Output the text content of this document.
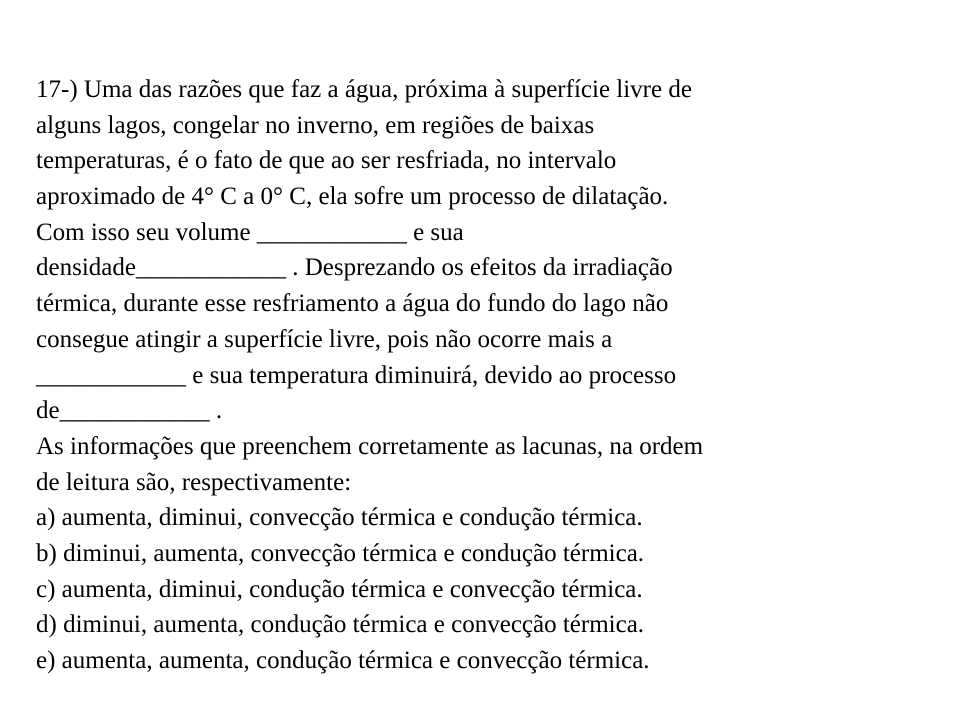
17-) Uma das razões que faz a água, próxima à superfície livre de
alguns lagos, congelar no inverno, em regiões de baixas
temperaturas, é o fato de que ao ser resfriada, no intervalo
aproximado de 4° C a 0° C, ela sofre um processo de dilatação.
Com isso seu volume ____________ e sua
densidade____________ . Desprezando os efeitos da irradiação
térmica, durante esse resfriamento a água do fundo do lago não
consegue atingir a superfície livre, pois não ocorre mais a
____________ e sua temperatura diminuirá, devido ao processo
de____________ .
As informações que preenchem corretamente as lacunas, na ordem
de leitura são, respectivamente:
a) aumenta, diminui, convecção térmica e condução térmica.
b) diminui, aumenta, convecção térmica e condução térmica.
c) aumenta, diminui, condução térmica e convecção térmica.
d) diminui, aumenta, condução térmica e convecção térmica.
e) aumenta, aumenta, condução térmica e convecção térmica.
